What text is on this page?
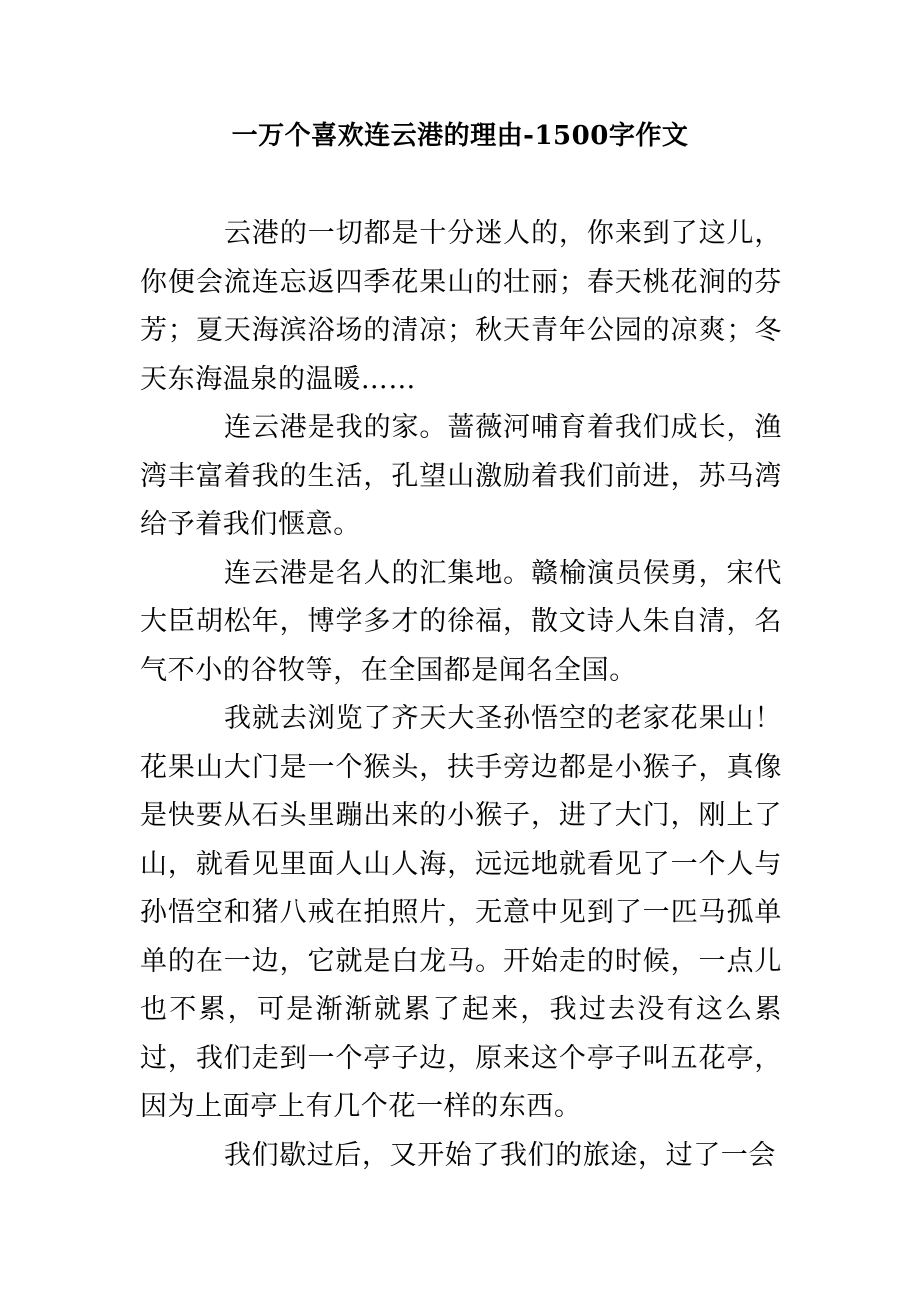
一万个喜欢连云港的理由-1500字作文

云港的一切都是十分迷人的，你来到了这儿，你便会流连忘返四季花果山的壮丽；春天桃花涧的芬芳；夏天海滨浴场的清凉；秋天青年公园的凉爽；冬天东海温泉的温暖……

连云港是我的家。蔷薇河哺育着我们成长，渔湾丰富着我的生活，孔望山激励着我们前进，苏马湾给予着我们惬意。

连云港是名人的汇集地。赣榆演员侯勇，宋代大臣胡松年，博学多才的徐福，散文诗人朱自清，名气不小的谷牧等，在全国都是闻名全国。

我就去浏览了齐天大圣孙悟空的老家花果山！花果山大门是一个猴头，扶手旁边都是小猴子，真像是快要从石头里蹦出来的小猴子，进了大门，刚上了山，就看见里面人山人海，远远地就看见了一个人与孙悟空和猪八戒在拍照片，无意中见到了一匹马孤单单的在一边，它就是白龙马。开始走的时候，一点儿也不累，可是渐渐就累了起来，我过去没有这么累过，我们走到一个亭子边，原来这个亭子叫五花亭，因为上面亭上有几个花一样的东西。

我们歇过后，又开始了我们的旅途，过了一会
